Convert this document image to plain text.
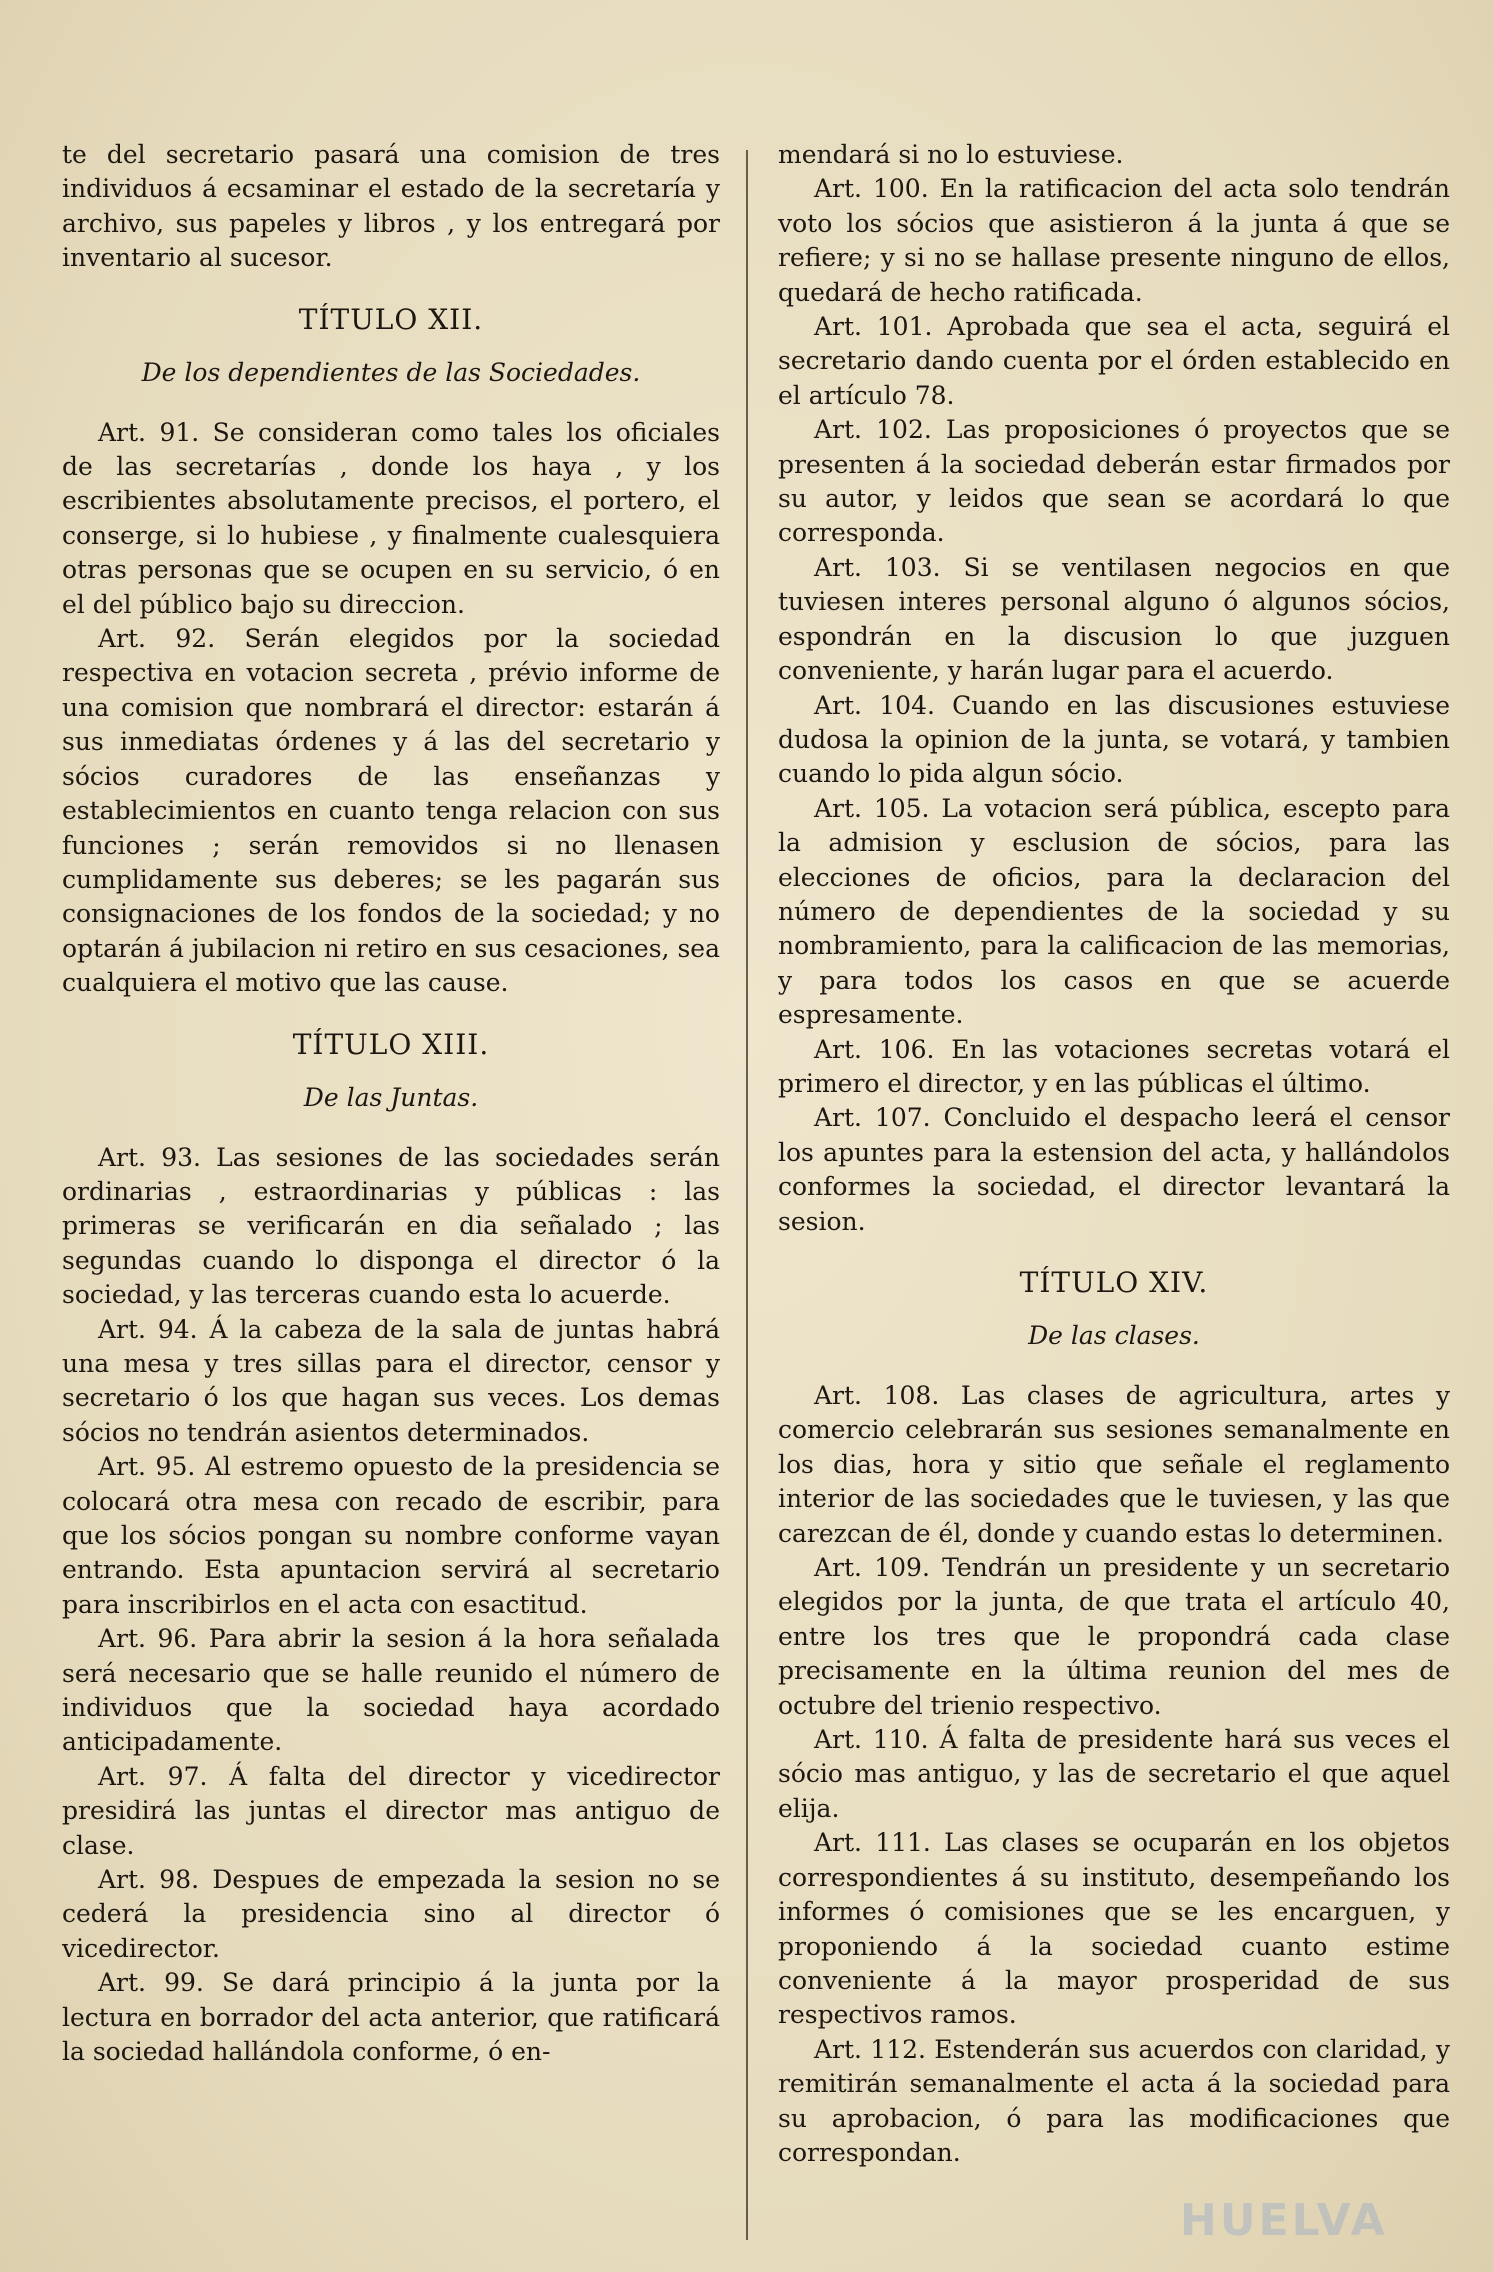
te del secretario pasará una comision de tres individuos á ecsaminar el estado de la secretaría y archivo, sus papeles y libros , y los entregará por inventario al sucesor.

TÍTULO XII.
De los dependientes de las Sociedades.

Art. 91. Se consideran como tales los oficiales de las secretarías , donde los haya , y los escribientes absolutamente precisos, el portero, el conserge, si lo hubiese , y finalmente cualesquiera otras personas que se ocupen en su servicio, ó en el del público bajo su direccion.

Art. 92. Serán elegidos por la sociedad respectiva en votacion secreta , prévio informe de una comision que nombrará el director: estarán á sus inmediatas órdenes y á las del secretario y sócios curadores de las enseñanzas y establecimientos en cuanto tenga relacion con sus funciones ; serán removidos si no llenasen cumplidamente sus deberes; se les pagarán sus consignaciones de los fondos de la sociedad; y no optarán á jubilacion ni retiro en sus cesaciones, sea cualquiera el motivo que las cause.

TÍTULO XIII.
De las Juntas.

Art. 93. Las sesiones de las sociedades serán ordinarias , estraordinarias y públicas : las primeras se verificarán en dia señalado ; las segundas cuando lo disponga el director ó la sociedad, y las terceras cuando esta lo acuerde.

Art. 94. Á la cabeza de la sala de juntas habrá una mesa y tres sillas para el director, censor y secretario ó los que hagan sus veces. Los demas sócios no tendrán asientos determinados.

Art. 95. Al estremo opuesto de la presidencia se colocará otra mesa con recado de escribir, para que los sócios pongan su nombre conforme vayan entrando. Esta apuntacion servirá al secretario para inscribirlos en el acta con esactitud.

Art. 96. Para abrir la sesion á la hora señalada será necesario que se halle reunido el número de individuos que la sociedad haya acordado anticipadamente.

Art. 97. Á falta del director y vicedirector presidirá las juntas el director mas antiguo de clase.

Art. 98. Despues de empezada la sesion no se cederá la presidencia sino al director ó vicedirector.

Art. 99. Se dará principio á la junta por la lectura en borrador del acta anterior, que ratificará la sociedad hallándola conforme, ó en-

mendará si no lo estuviese.

Art. 100. En la ratificacion del acta solo tendrán voto los sócios que asistieron á la junta á que se refiere; y si no se hallase presente ninguno de ellos, quedará de hecho ratificada.

Art. 101. Aprobada que sea el acta, seguirá el secretario dando cuenta por el órden establecido en el artículo 78.

Art. 102. Las proposiciones ó proyectos que se presenten á la sociedad deberán estar firmados por su autor, y leidos que sean se acordará lo que corresponda.

Art. 103. Si se ventilasen negocios en que tuviesen interes personal alguno ó algunos sócios, espondrán en la discusion lo que juzguen conveniente, y harán lugar para el acuerdo.

Art. 104. Cuando en las discusiones estuviese dudosa la opinion de la junta, se votará, y tambien cuando lo pida algun sócio.

Art. 105. La votacion será pública, escepto para la admision y esclusion de sócios, para las elecciones de oficios, para la declaracion del número de dependientes de la sociedad y su nombramiento, para la calificacion de las memorias, y para todos los casos en que se acuerde espresamente.

Art. 106. En las votaciones secretas votará el primero el director, y en las públicas el último.

Art. 107. Concluido el despacho leerá el censor los apuntes para la estension del acta, y hallándolos conformes la sociedad, el director levantará la sesion.

TÍTULO XIV.
De las clases.

Art. 108. Las clases de agricultura, artes y comercio celebrarán sus sesiones semanalmente en los dias, hora y sitio que señale el reglamento interior de las sociedades que le tuviesen, y las que carezcan de él, donde y cuando estas lo determinen.

Art. 109. Tendrán un presidente y un secretario elegidos por la junta, de que trata el artículo 40, entre los tres que le propondrá cada clase precisamente en la última reunion del mes de octubre del trienio respectivo.

Art. 110. Á falta de presidente hará sus veces el sócio mas antiguo, y las de secretario el que aquel elija.

Art. 111. Las clases se ocuparán en los objetos correspondientes á su instituto, desempeñando los informes ó comisiones que se les encarguen, y proponiendo á la sociedad cuanto estime conveniente á la mayor prosperidad de sus respectivos ramos.

Art. 112. Estenderán sus acuerdos con claridad, y remitirán semanalmente el acta á la sociedad para su aprobacion, ó para las modificaciones que correspondan.

HUELVA
